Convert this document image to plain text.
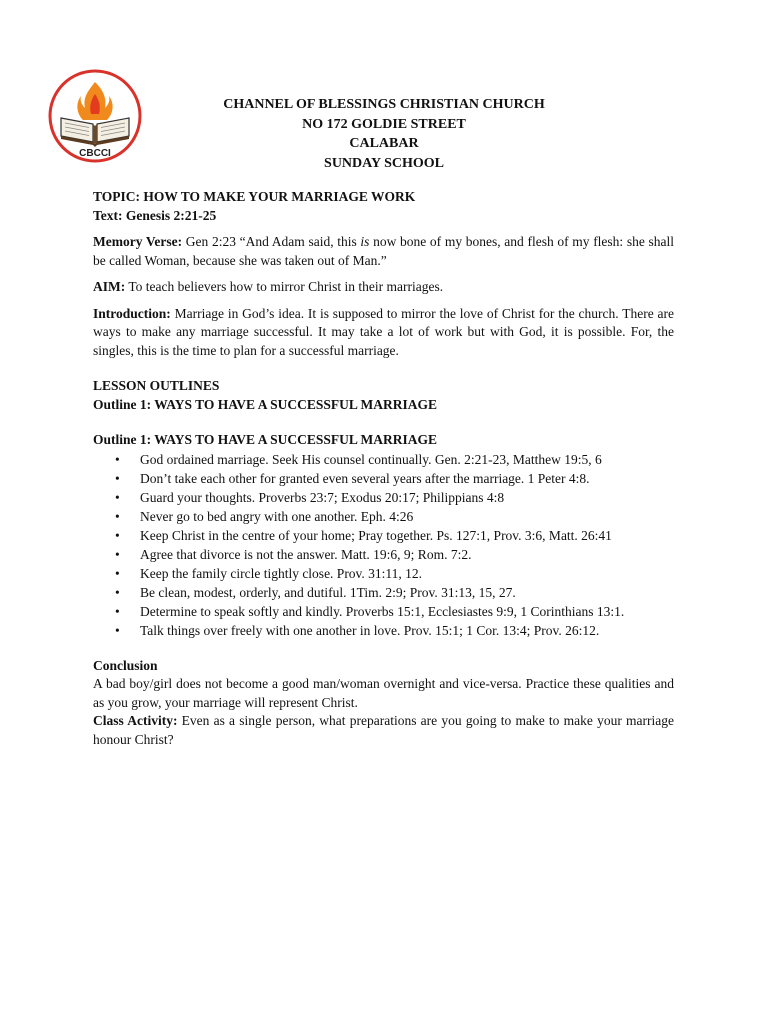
CBCCI
CHANNEL OF BLESSINGS CHRISTIAN CHURCH
NO 172 GOLDIE STREET
CALABAR
SUNDAY SCHOOL

TOPIC: HOW TO MAKE YOUR MARRIAGE WORK

Text: Genesis 2:21-25

Memory Verse: Gen 2:23 “And Adam said, this is now bone of my bones, and flesh of my flesh: she shall be called Woman, because she was taken out of Man.”

AIM: To teach believers how to mirror Christ in their marriages.

Introduction: Marriage in God’s idea. It is supposed to mirror the love of Christ for the church. There are ways to make any marriage successful. It may take a lot of work but with God, it is possible. For, the singles, this is the time to plan for a successful marriage.

LESSON OUTLINES

Outline 1: WAYS TO HAVE A SUCCESSFUL MARRIAGE

Outline 1: WAYS TO HAVE A SUCCESSFUL MARRIAGE

• God ordained marriage. Seek His counsel continually. Gen. 2:21-23, Matthew 19:5, 6
• Don’t take each other for granted even several years after the marriage. 1 Peter 4:8.
• Guard your thoughts. Proverbs 23:7; Exodus 20:17; Philippians 4:8
• Never go to bed angry with one another. Eph. 4:26
• Keep Christ in the centre of your home; Pray together. Ps. 127:1, Prov. 3:6, Matt. 26:41
• Agree that divorce is not the answer. Matt. 19:6, 9; Rom. 7:2.
• Keep the family circle tightly close. Prov. 31:11, 12.
• Be clean, modest, orderly, and dutiful. 1Tim. 2:9; Prov. 31:13, 15, 27.
• Determine to speak softly and kindly. Proverbs 15:1, Ecclesiastes 9:9, 1 Corinthians 13:1.
• Talk things over freely with one another in love. Prov. 15:1; 1 Cor. 13:4; Prov. 26:12.

Conclusion

A bad boy/girl does not become a good man/woman overnight and vice-versa. Practice these qualities and as you grow, your marriage will represent Christ.

Class Activity: Even as a single person, what preparations are you going to make to make your marriage honour Christ?
